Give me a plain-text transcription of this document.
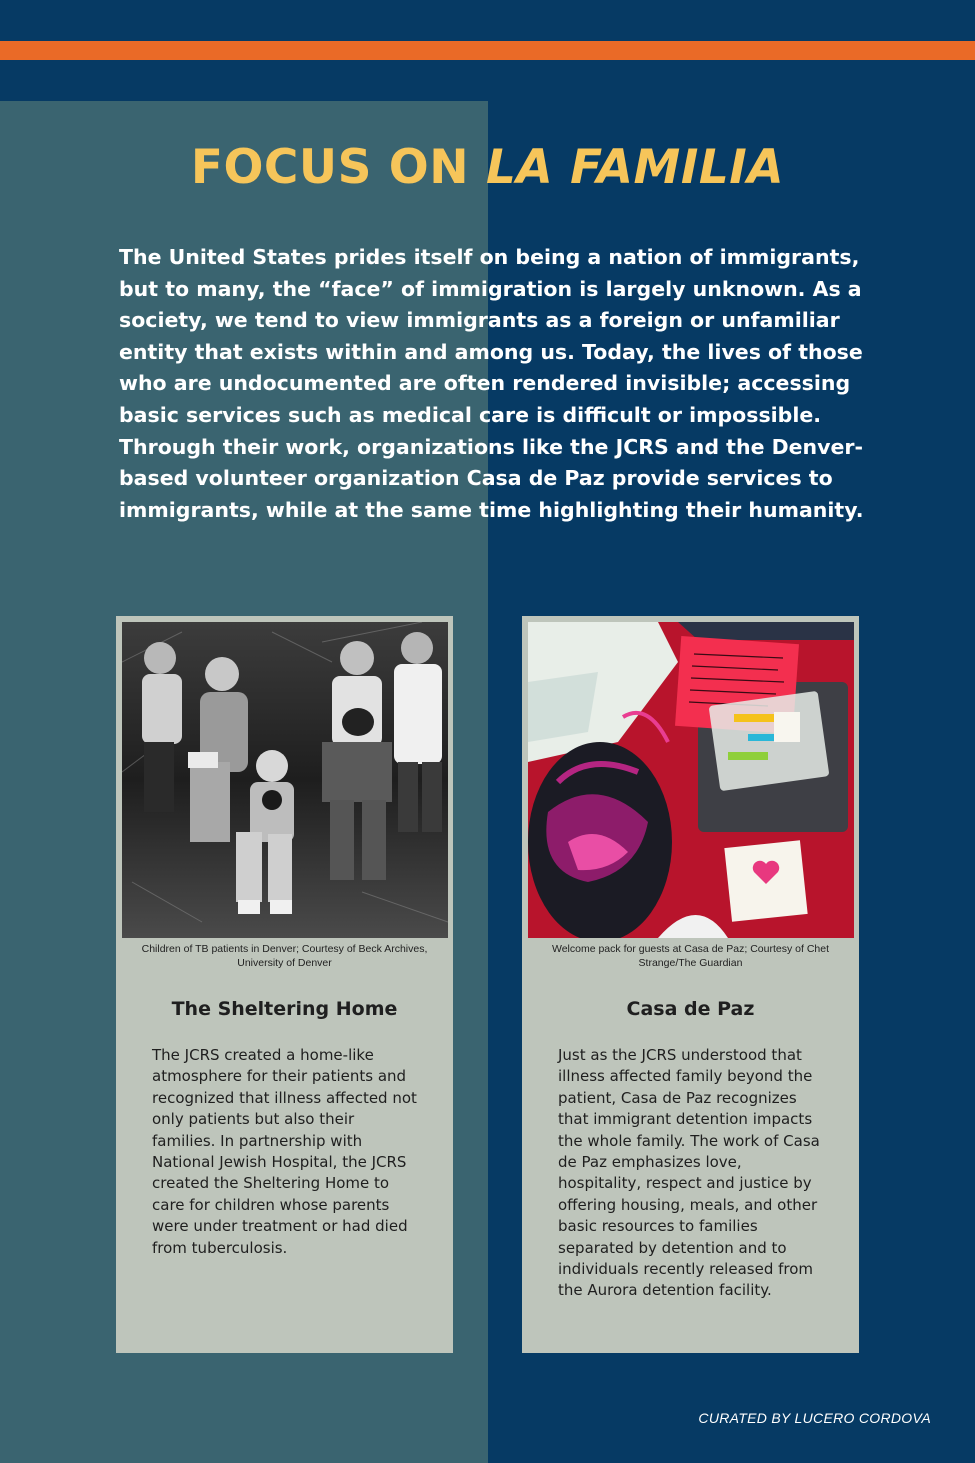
FOCUS ON LA FAMILIA

The United States prides itself on being a nation of immigrants, but to many, the “face” of immigration is largely unknown. As a society, we tend to view immigrants as a foreign or unfamiliar entity that exists within and among us. Today, the lives of those who are undocumented are often rendered invisible; accessing basic services such as medical care is difficult or impossible. Through their work, organizations like the JCRS and the Denver-based volunteer organization Casa de Paz provide services to immigrants, while at the same time highlighting their humanity.

Children of TB patients in Denver; Courtesy of Beck Archives, University of Denver
The Sheltering Home

The JCRS created a home-like atmosphere for their patients and recognized that illness affected not only patients but also their families. In partnership with National Jewish Hospital, the JCRS created the Sheltering Home to care for children whose parents were under treatment or had died from tuberculosis.

Welcome pack for guests at Casa de Paz; Courtesy of Chet Strange/The Guardian
Casa de Paz

Just as the JCRS understood that illness affected family beyond the patient, Casa de Paz recognizes that immigrant detention impacts the whole family. The work of Casa de Paz emphasizes love, hospitality, respect and justice by offering housing, meals, and other basic resources to families separated by detention and to individuals recently released from the Aurora detention facility.

CURATED BY LUCERO CORDOVA
